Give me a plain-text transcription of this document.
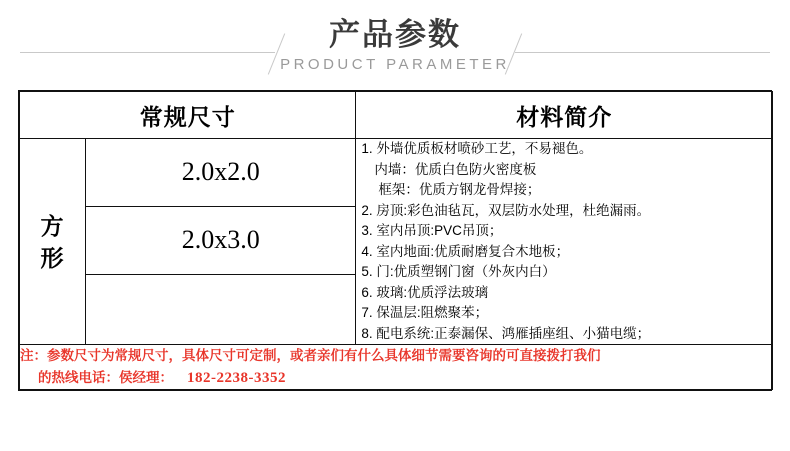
产品参数
PRODUCT PARAMETER
常规尺寸		材料简介

方
形
	2.0x2.0	
1. 外墙优质板材喷砂工艺，不易褪色。
内墙：优质白色防火密度板
框架：优质方钢龙骨焊接；
2. 房顶:彩色油毡瓦，双层防水处理，杜绝漏雨。
3. 室内吊顶:PVC吊顶；
4. 室内地面:优质耐磨复合木地板；
5. 门:优质塑钢门窗（外灰内白）
6. 玻璃:优质浮法玻璃
7. 保温层:阻燃聚苯；
8. 配电系统:正泰漏保、鸿雁插座组、小猫电缆；

	2.0x3.0	

注：参数尺寸为常规尺寸，具体尺寸可定制，或者亲们有什么具体细节需要咨询的可直接拨打我们
的热线电话：侯经理： 182-2238-3352		
